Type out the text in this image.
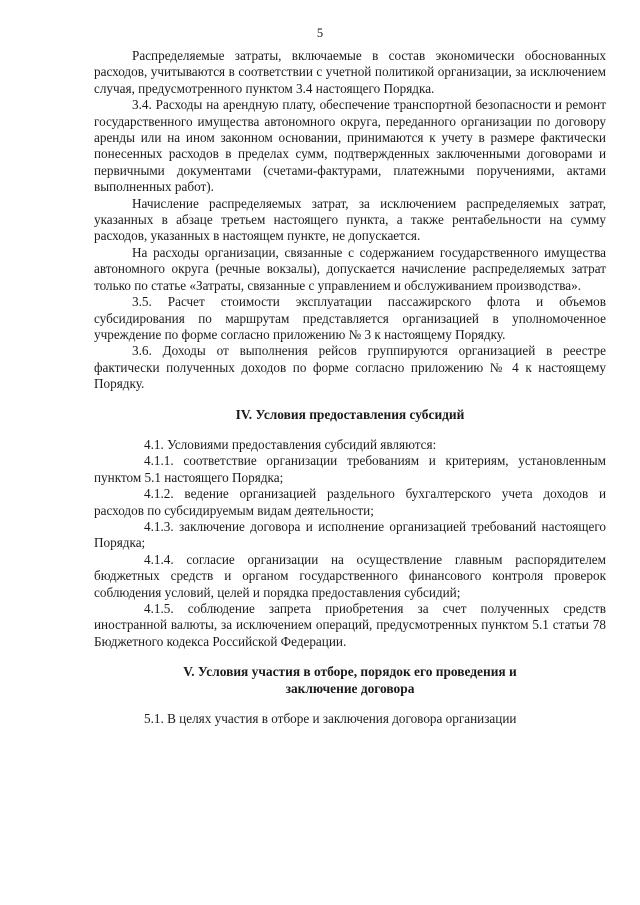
5

Распределяемые затраты, включаемые в состав экономически обоснованных расходов, учитываются в соответствии с учетной политикой организации, за исключением случая, предусмотренного пунктом 3.4 настоящего Порядка.

3.4. Расходы на арендную плату, обеспечение транспортной безопасности и ремонт государственного имущества автономного округа, переданного организации по договору аренды или на ином законном основании, принимаются к учету в размере фактически понесенных расходов в пределах сумм, подтвержденных заключенными договорами и первичными документами (счетами-фактурами, платежными поручениями, актами выполненных работ).

Начисление распределяемых затрат, за исключением распределяемых затрат, указанных в абзаце третьем настоящего пункта, а также рентабельности на сумму расходов, указанных в настоящем пункте, не допускается.

На расходы организации, связанные с содержанием государственного имущества автономного округа (речные вокзалы), допускается начисление распределяемых затрат только по статье «Затраты, связанные с управлением и обслуживанием производства».

3.5. Расчет стоимости эксплуатации пассажирского флота и объемов субсидирования по маршрутам представляется организацией в уполномоченное учреждение по форме согласно приложению № 3 к настоящему Порядку.

3.6. Доходы от выполнения рейсов группируются организацией в реестре фактически полученных доходов по форме согласно приложению № 4 к настоящему Порядку.

IV. Условия предоставления субсидий

4.1. Условиями предоставления субсидий являются:

4.1.1. соответствие организации требованиям и критериям, установленным пунктом 5.1 настоящего Порядка;

4.1.2. ведение организацией раздельного бухгалтерского учета доходов и расходов по субсидируемым видам деятельности;

4.1.3. заключение договора и исполнение организацией требований настоящего Порядка;

4.1.4. согласие организации на осуществление главным распорядителем бюджетных средств и органом государственного финансового контроля проверок соблюдения условий, целей и порядка предоставления субсидий;

4.1.5. соблюдение запрета приобретения за счет полученных средств иностранной валюты, за исключением операций, предусмотренных пунктом 5.1 статьи 78 Бюджетного кодекса Российской Федерации.

V. Условия участия в отборе, порядок его проведения и
заключение договора

5.1. В целях участия в отборе и заключения договора организации
